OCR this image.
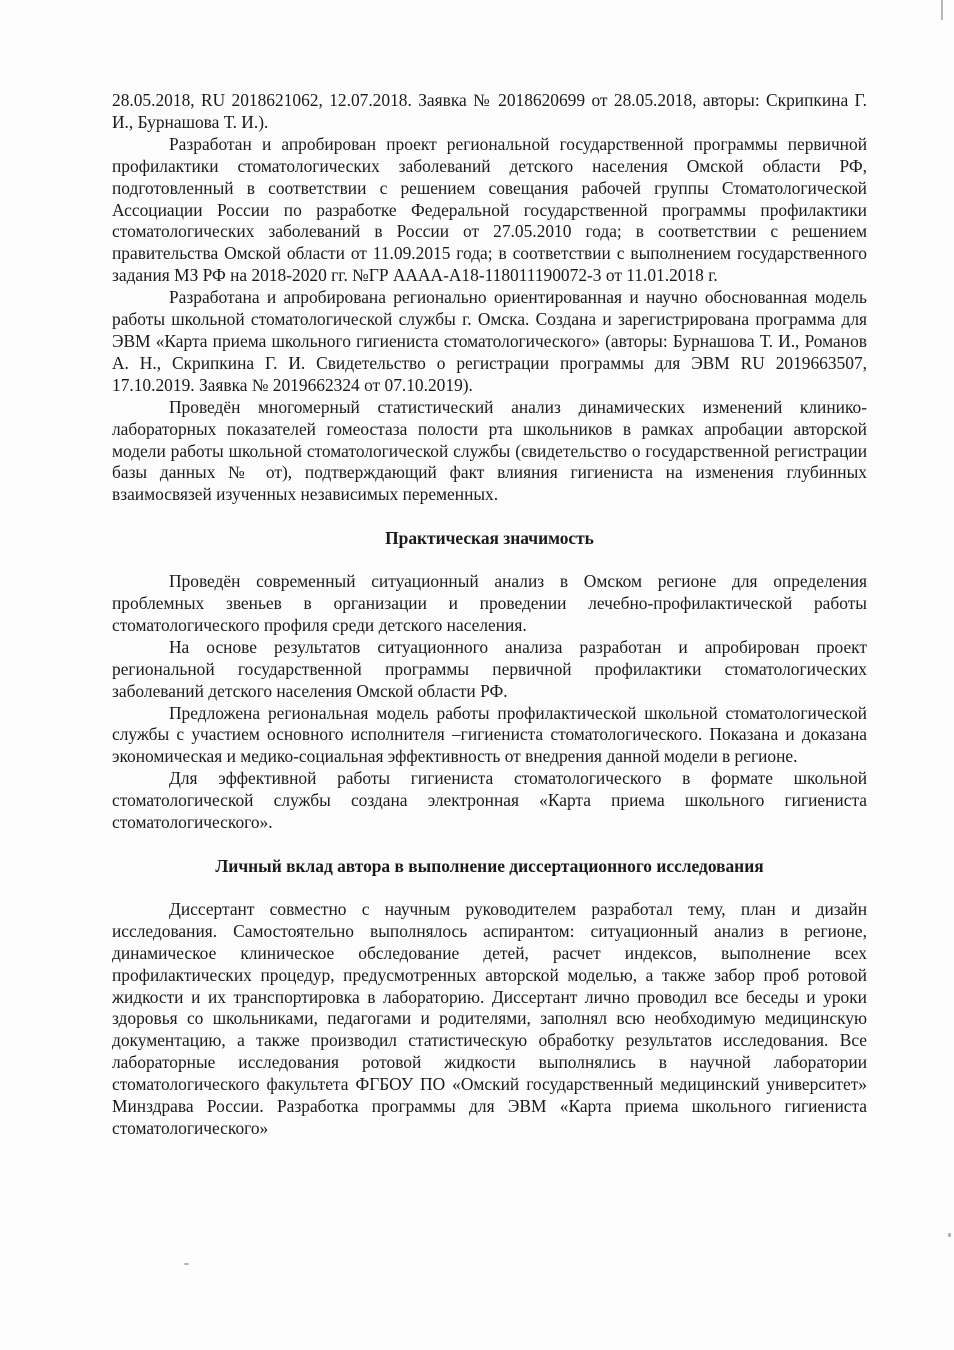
28.05.2018, RU 2018621062, 12.07.2018. Заявка № 2018620699 от 28.05.2018, авторы: Скрипкина Г. И., Бурнашова Т. И.).

Разработан и апробирован проект региональной государственной программы первичной профилактики стоматологических заболеваний детского населения Омской области РФ, подготовленный в соответствии с решением совещания рабочей группы Стоматологической Ассоциации России по разработке Федеральной государственной программы профилактики стоматологических заболеваний в России от 27.05.2010 года; в соответствии с решением правительства Омской области от 11.09.2015 года; в соответствии с выполнением государственного задания МЗ РФ на 2018-2020 гг. №ГР АААА-А18-118011190072-3 от 11.01.2018 г.

Разработана и апробирована регионально ориентированная и научно обоснованная модель работы школьной стоматологической службы г. Омска. Создана и зарегистрирована программа для ЭВМ «Карта приема школьного гигиениста стоматологического» (авторы: Бурнашова Т. И., Романов А. Н., Скрипкина Г. И. Свидетельство о регистрации программы для ЭВМ RU 2019663507, 17.10.2019. Заявка № 2019662324 от 07.10.2019).

Проведён многомерный статистический анализ динамических изменений клинико-лабораторных показателей гомеостаза полости рта школьников в рамках апробации авторской модели работы школьной стоматологической службы (свидетельство о государственной регистрации базы данных № от), подтверждающий факт влияния гигиениста на изменения глубинных взаимосвязей изученных независимых переменных.

Практическая значимость

Проведён современный ситуационный анализ в Омском регионе для определения проблемных звеньев в организации и проведении лечебно-профилактической работы стоматологического профиля среди детского населения.

На основе результатов ситуационного анализа разработан и апробирован проект региональной государственной программы первичной профилактики стоматологических заболеваний детского населения Омской области РФ.

Предложена региональная модель работы профилактической школьной стоматологической службы с участием основного исполнителя –гигиениста стоматологического. Показана и доказана экономическая и медико-социальная эффективность от внедрения данной модели в регионе.

Для эффективной работы гигиениста стоматологического в формате школьной стоматологической службы создана электронная «Карта приема школьного гигиениста стоматологического».

Личный вклад автора в выполнение диссертационного исследования

Диссертант совместно с научным руководителем разработал тему, план и дизайн исследования. Самостоятельно выполнялось аспирантом: ситуационный анализ в регионе, динамическое клиническое обследование детей, расчет индексов, выполнение всех профилактических процедур, предусмотренных авторской моделью, а также забор проб ротовой жидкости и их транспортировка в лабораторию. Диссертант лично проводил все беседы и уроки здоровья со школьниками, педагогами и родителями, заполнял всю необходимую медицинскую документацию, а также производил статистическую обработку результатов исследования. Все лабораторные исследования ротовой жидкости выполнялись в научной лаборатории стоматологического факультета ФГБОУ ПО «Омский государственный медицинский университет» Минздрава России. Разработка программы для ЭВМ «Карта приема школьного гигиениста стоматологического»
